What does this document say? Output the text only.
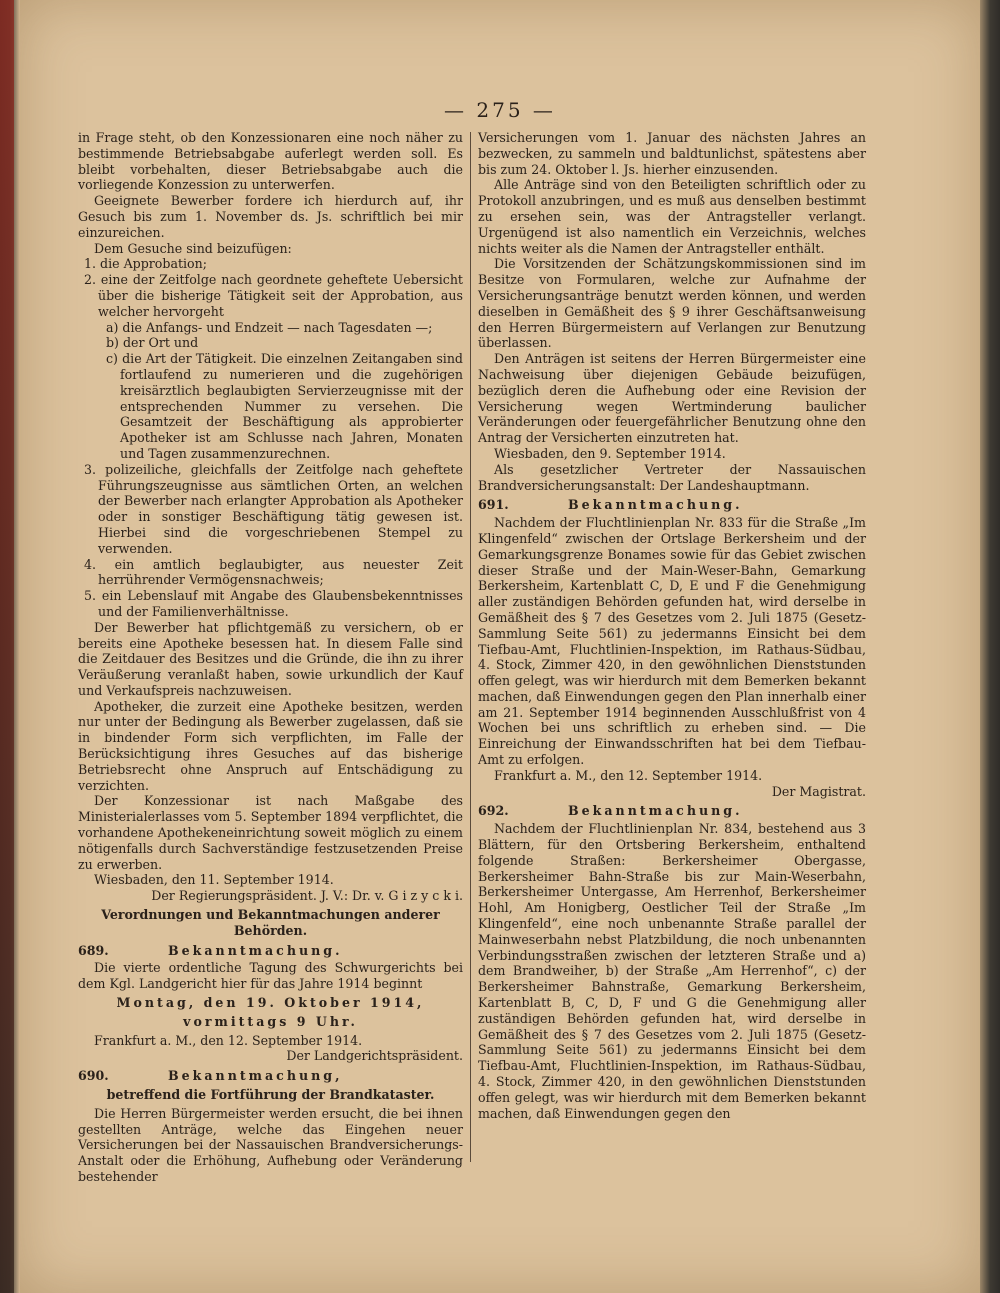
— 275 —

in Frage steht, ob den Konzessionaren eine noch näher zu bestimmende Betriebsabgabe auferlegt werden soll. Es bleibt vorbehalten, dieser Betriebsabgabe auch die vorliegende Konzession zu unterwerfen.

Geeignete Bewerber fordere ich hierdurch auf, ihr Gesuch bis zum 1. November ds. Js. schriftlich bei mir einzureichen.

Dem Gesuche sind beizufügen:

1. die Approbation;

2. eine der Zeitfolge nach geordnete geheftete Uebersicht über die bisherige Tätigkeit seit der Approbation, aus welcher hervorgeht

a) die Anfangs- und Endzeit — nach Tagesdaten —;

b) der Ort und

c) die Art der Tätigkeit. Die einzelnen Zeitangaben sind fortlaufend zu numerieren und die zugehörigen kreisärztlich beglaubigten Servierzeugnisse mit der entsprechenden Nummer zu versehen. Die Gesamtzeit der Beschäftigung als approbierter Apotheker ist am Schlusse nach Jahren, Monaten und Tagen zusammenzurechnen.

3. polizeiliche, gleichfalls der Zeitfolge nach geheftete Führungszeugnisse aus sämtlichen Orten, an welchen der Bewerber nach erlangter Approbation als Apotheker oder in sonstiger Beschäftigung tätig gewesen ist. Hierbei sind die vorgeschriebenen Stempel zu verwenden.

4. ein amtlich beglaubigter, aus neuester Zeit herrührender Vermögensnachweis;

5. ein Lebenslauf mit Angabe des Glaubensbekenntnisses und der Familienverhältnisse.

Der Bewerber hat pflichtgemäß zu versichern, ob er bereits eine Apotheke besessen hat. In diesem Falle sind die Zeitdauer des Besitzes und die Gründe, die ihn zu ihrer Veräußerung veranlaßt haben, sowie urkundlich der Kauf und Verkaufspreis nachzuweisen.

Apotheker, die zurzeit eine Apotheke besitzen, werden nur unter der Bedingung als Bewerber zugelassen, daß sie in bindender Form sich verpflichten, im Falle der Berücksichtigung ihres Gesuches auf das bisherige Betriebsrecht ohne Anspruch auf Entschädigung zu verzichten.

Der Konzessionar ist nach Maßgabe des Ministerialerlasses vom 5. September 1894 verpflichtet, die vorhandene Apothekeneinrichtung soweit möglich zu einem nötigenfalls durch Sachverständige festzusetzenden Preise zu erwerben.

Wiesbaden, den 11. September 1914.

Der Regierungspräsident. J. V.: Dr. v. G i z y c k i.

Verordnungen und Bekanntmachungen anderer Behörden.

689.	Bekanntmachung.

Die vierte ordentliche Tagung des Schwurgerichts bei dem Kgl. Landgericht hier für das Jahre 1914 beginnt

Montag, den 19. Oktober 1914,

vormittags 9 Uhr.

Frankfurt a. M., den 12. September 1914.

Der Landgerichtspräsident.

690.	Bekanntmachung,

betreffend die Fortführung der Brandkataster.

Die Herren Bürgermeister werden ersucht, die bei ihnen gestellten Anträge, welche das Eingehen neuer Versicherungen bei der Nassauischen Brandversicherungs-Anstalt oder die Erhöhung, Aufhebung oder Veränderung bestehender

Versicherungen vom 1. Januar des nächsten Jahres an bezwecken, zu sammeln und baldtunlichst, spätestens aber bis zum 24. Oktober l. Js. hierher einzusenden.

Alle Anträge sind von den Beteiligten schriftlich oder zu Protokoll anzubringen, und es muß aus denselben bestimmt zu ersehen sein, was der Antragsteller verlangt. Urgenügend ist also namentlich ein Verzeichnis, welches nichts weiter als die Namen der Antragsteller enthält.

Die Vorsitzenden der Schätzungskommissionen sind im Besitze von Formularen, welche zur Aufnahme der Versicherungsanträge benutzt werden können, und werden dieselben in Gemäßheit des § 9 ihrer Geschäftsanweisung den Herren Bürgermeistern auf Verlangen zur Benutzung überlassen.

Den Anträgen ist seitens der Herren Bürgermeister eine Nachweisung über diejenigen Gebäude beizufügen, bezüglich deren die Aufhebung oder eine Revision der Versicherung wegen Wertminderung baulicher Veränderungen oder feuergefährlicher Benutzung ohne den Antrag der Versicherten einzutreten hat.

Wiesbaden, den 9. September 1914.

Als gesetzlicher Vertreter der Nassauischen Brandversicherungsanstalt: Der Landeshauptmann.

691.	Bekanntmachung.

Nachdem der Fluchtlinienplan Nr. 833 für die Straße „Im Klingenfeld“ zwischen der Ortslage Berkersheim und der Gemarkungsgrenze Bonames sowie für das Gebiet zwischen dieser Straße und der Main-Weser-Bahn, Gemarkung Berkersheim, Kartenblatt C, D, E und F die Genehmigung aller zuständigen Behörden gefunden hat, wird derselbe in Gemäßheit des § 7 des Gesetzes vom 2. Juli 1875 (Gesetz-Sammlung Seite 561) zu jedermanns Einsicht bei dem Tiefbau-Amt, Fluchtlinien-Inspektion, im Rathaus-Südbau, 4. Stock, Zimmer 420, in den gewöhnlichen Dienststunden offen gelegt, was wir hierdurch mit dem Bemerken bekannt machen, daß Einwendungen gegen den Plan innerhalb einer am 21. September 1914 beginnenden Ausschlußfrist von 4 Wochen bei uns schriftlich zu erheben sind. — Die Einreichung der Einwandsschriften hat bei dem Tiefbau-Amt zu erfolgen.

Frankfurt a. M., den 12. September 1914.

Der Magistrat.

692.	Bekanntmachung.

Nachdem der Fluchtlinienplan Nr. 834, bestehend aus 3 Blättern, für den Ortsbering Berkersheim, enthaltend folgende Straßen: Berkersheimer Obergasse, Berkersheimer Bahn-Straße bis zur Main-Weserbahn, Berkersheimer Untergasse, Am Herrenhof, Berkersheimer Hohl, Am Honigberg, Oestlicher Teil der Straße „Im Klingenfeld“, eine noch unbenannte Straße parallel der Mainweserbahn nebst Platzbildung, die noch unbenannten Verbindungsstraßen zwischen der letzteren Straße und a) dem Brandweiher, b) der Straße „Am Herrenhof“, c) der Berkersheimer Bahnstraße, Gemarkung Berkersheim, Kartenblatt B, C, D, F und G die Genehmigung aller zuständigen Behörden gefunden hat, wird derselbe in Gemäßheit des § 7 des Gesetzes vom 2. Juli 1875 (Gesetz-Sammlung Seite 561) zu jedermanns Einsicht bei dem Tiefbau-Amt, Fluchtlinien-Inspektion, im Rathaus-Südbau, 4. Stock, Zimmer 420, in den gewöhnlichen Dienststunden offen gelegt, was wir hierdurch mit dem Bemerken bekannt machen, daß Einwendungen gegen den
